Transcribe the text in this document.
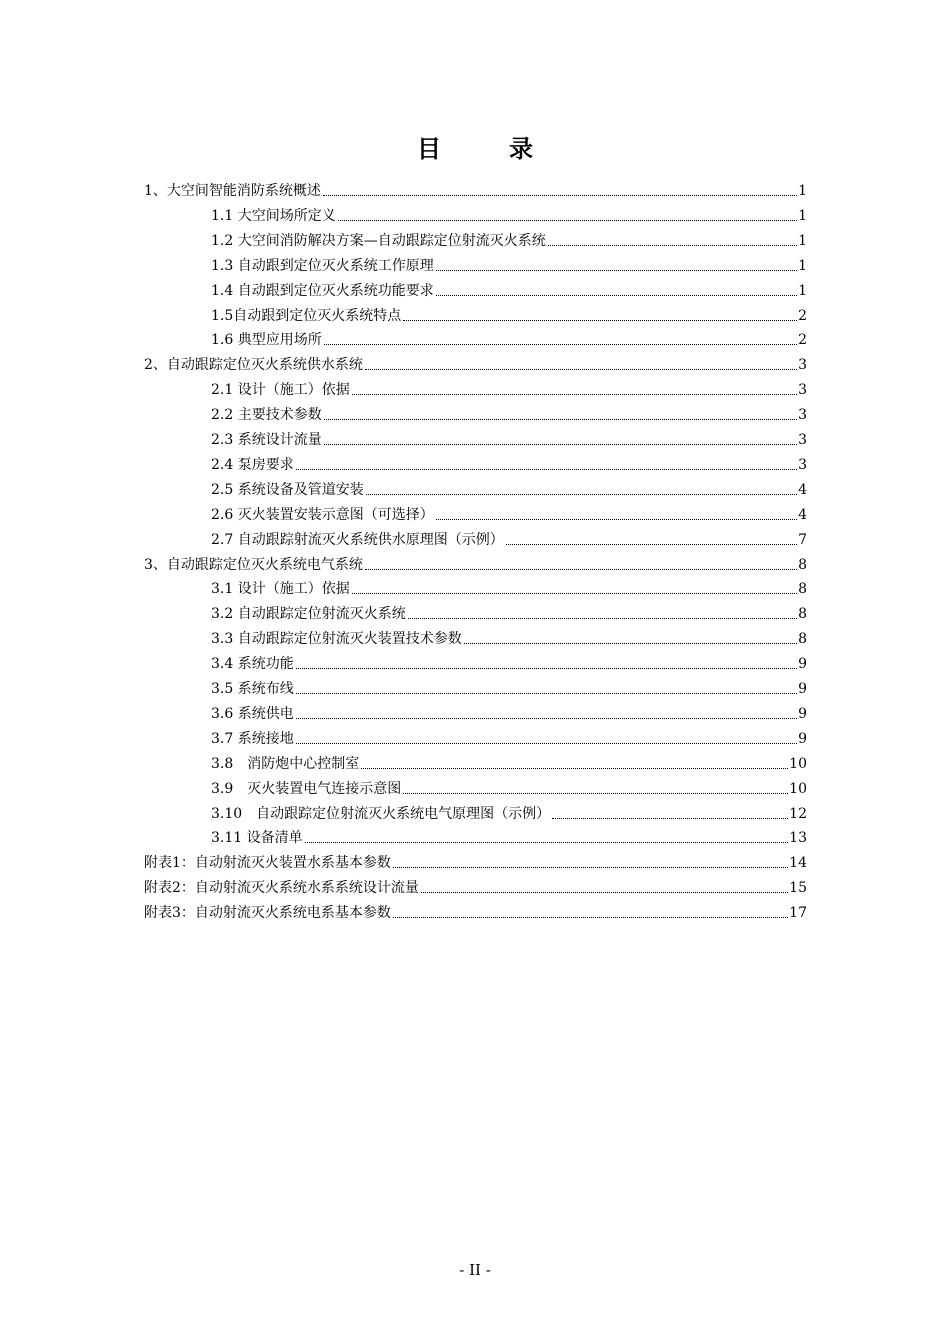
目　录
1、大空间智能消防系统概述	1
1.1 大空间场所定义	1
1.2 大空间消防解决方案—自动跟踪定位射流灭火系统	1
1.3 自动跟到定位灭火系统工作原理	1
1.4 自动跟到定位灭火系统功能要求	1
1.5自动跟到定位灭火系统特点	2
1.6 典型应用场所	2
2、自动跟踪定位灭火系统供水系统	3
2.1 设计（施工）依据	3
2.2 主要技术参数	3
2.3 系统设计流量	3
2.4 泵房要求	3
2.5 系统设备及管道安装	4
2.6 灭火装置安装示意图（可选择）	4
2.7 自动跟踪射流灭火系统供水原理图（示例）	7
3、自动跟踪定位灭火系统电气系统	8
3.1 设计（施工）依据	8
3.2 自动跟踪定位射流灭火系统	8
3.3 自动跟踪定位射流灭火装置技术参数	8
3.4 系统功能	9
3.5 系统布线	9
3.6 系统供电	9
3.7 系统接地	9
3.8　消防炮中心控制室	10
3.9　灭火装置电气连接示意图	10
3.10　自动跟踪定位射流灭火系统电气原理图（示例）	12
3.11 设备清单	13
附表1：自动射流灭火装置水系基本参数	14
附表2：自动射流灭火系统水系系统设计流量	15
附表3：自动射流灭火系统电系基本参数	17
- II -
